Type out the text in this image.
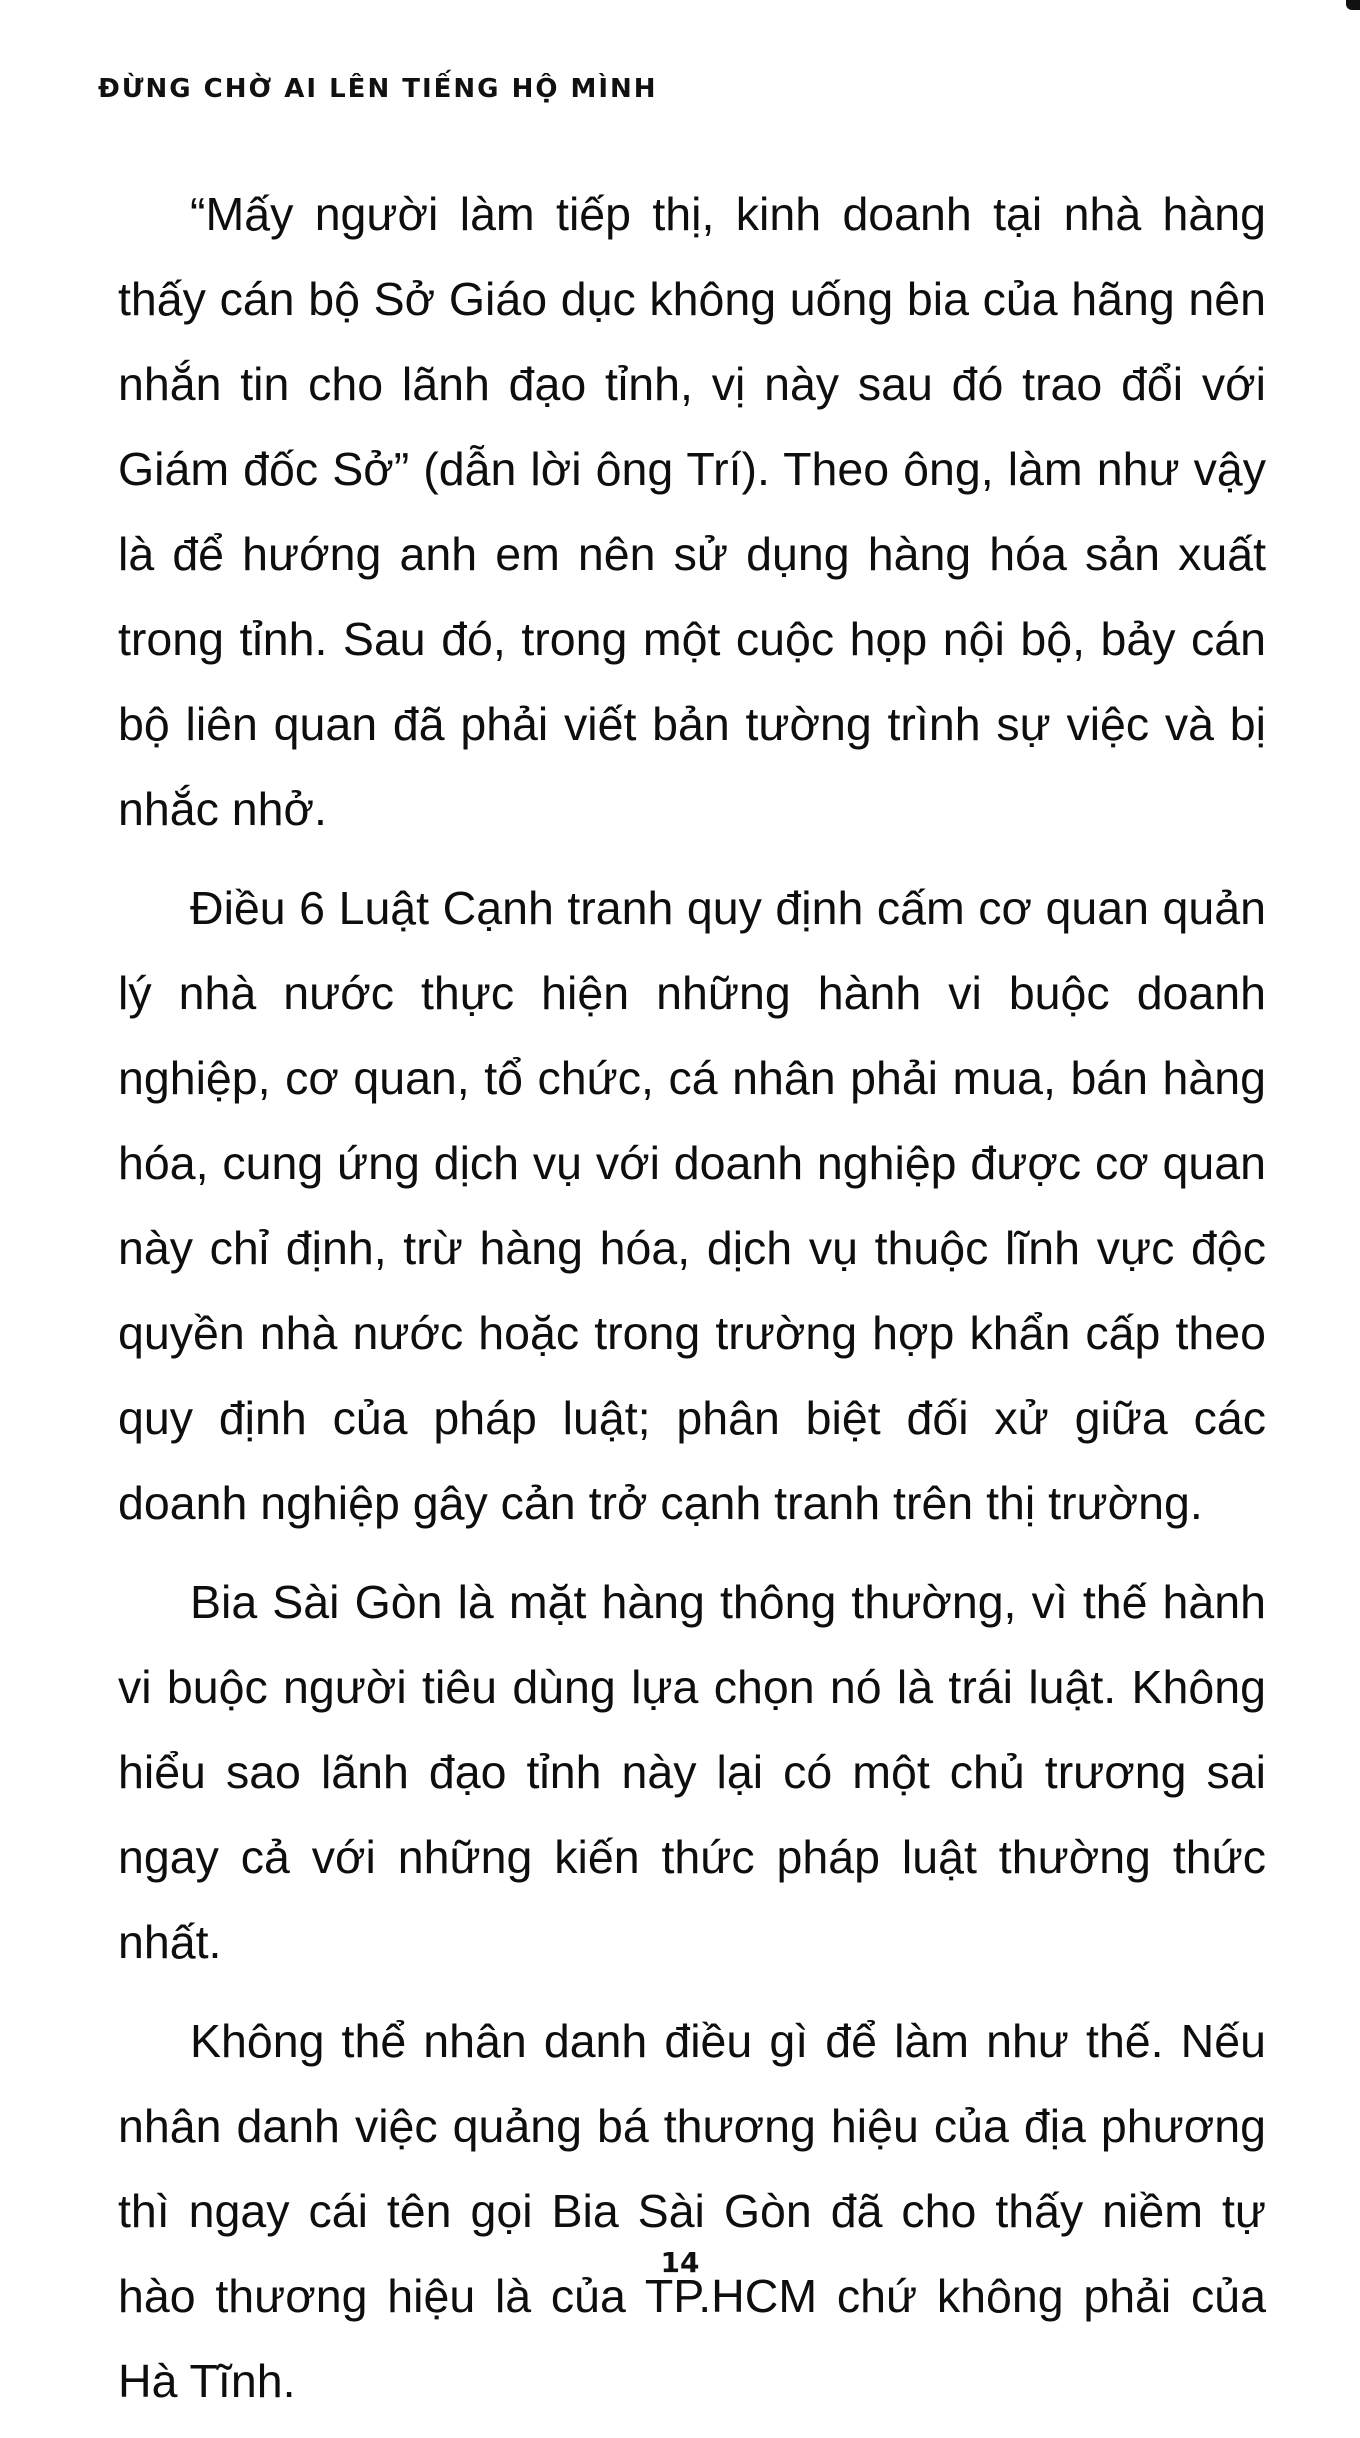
ĐỪNG CHỜ AI LÊN TIẾNG HỘ MÌNH

“Mấy người làm tiếp thị, kinh doanh tại nhà hàng thấy cán bộ Sở Giáo dục không uống bia của hãng nên nhắn tin cho lãnh đạo tỉnh, vị này sau đó trao đổi với Giám đốc Sở” (dẫn lời ông Trí). Theo ông, làm như vậy là để hướng anh em nên sử dụng hàng hóa sản xuất trong tỉnh. Sau đó, trong một cuộc họp nội bộ, bảy cán bộ liên quan đã phải viết bản tường trình sự việc và bị nhắc nhở.

Điều 6 Luật Cạnh tranh quy định cấm cơ quan quản lý nhà nước thực hiện những hành vi buộc doanh nghiệp, cơ quan, tổ chức, cá nhân phải mua, bán hàng hóa, cung ứng dịch vụ với doanh nghiệp được cơ quan này chỉ định, trừ hàng hóa, dịch vụ thuộc lĩnh vực độc quyền nhà nước hoặc trong trường hợp khẩn cấp theo quy định của pháp luật; phân biệt đối xử giữa các doanh nghiệp gây cản trở cạnh tranh trên thị trường.

Bia Sài Gòn là mặt hàng thông thường, vì thế hành vi buộc người tiêu dùng lựa chọn nó là trái luật. Không hiểu sao lãnh đạo tỉnh này lại có một chủ trương sai ngay cả với những kiến thức pháp luật thường thức nhất.

Không thể nhân danh điều gì để làm như thế. Nếu nhân danh việc quảng bá thương hiệu của địa phương thì ngay cái tên gọi Bia Sài Gòn đã cho thấy niềm tự hào thương hiệu là của TP.HCM chứ không phải của Hà Tĩnh.

14
